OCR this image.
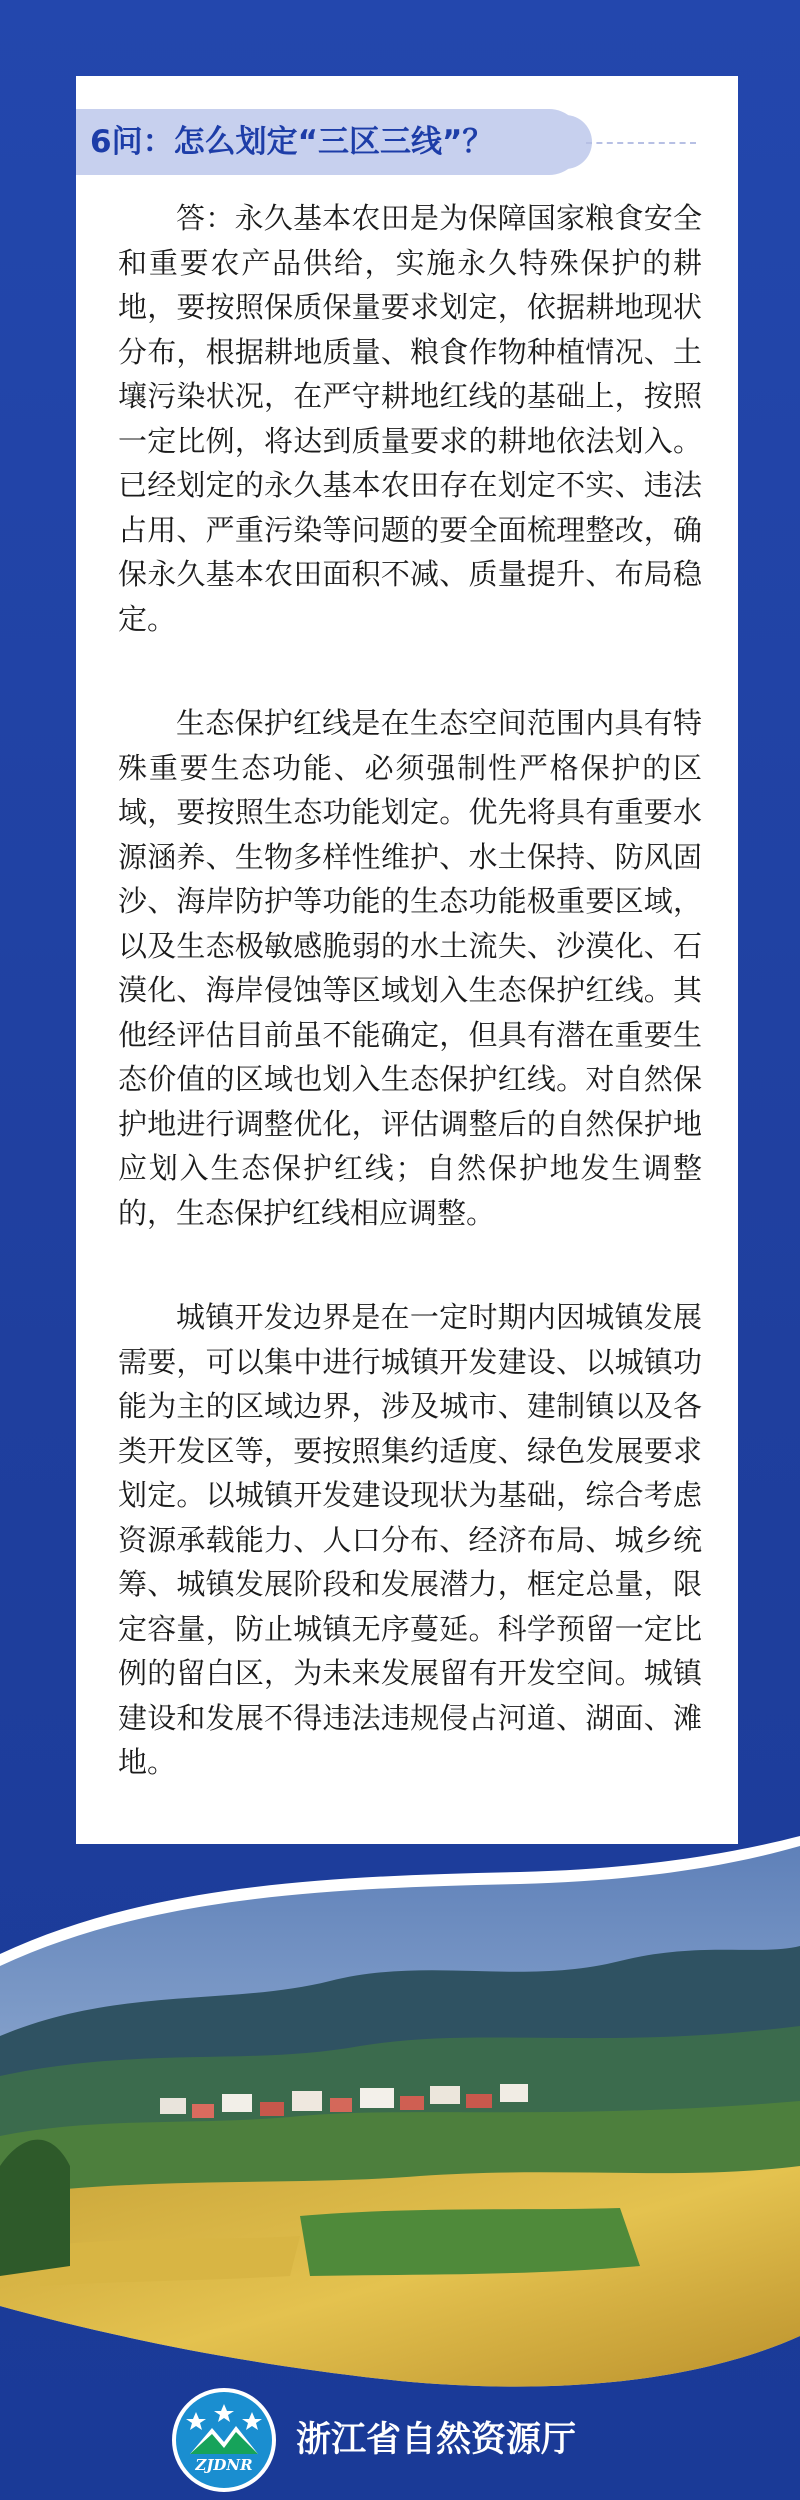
6问：怎么划定“三区三线”？

答：永久基本农田是为保障国家粮食安全和重要农产品供给，实施永久特殊保护的耕地，要按照保质保量要求划定，依据耕地现状分布，根据耕地质量、粮食作物种植情况、土壤污染状况，在严守耕地红线的基础上，按照一定比例，将达到质量要求的耕地依法划入。已经划定的永久基本农田存在划定不实、违法占用、严重污染等问题的要全面梳理整改，确保永久基本农田面积不减、质量提升、布局稳定。

生态保护红线是在生态空间范围内具有特殊重要生态功能、必须强制性严格保护的区域，要按照生态功能划定。优先将具有重要水源涵养、生物多样性维护、水土保持、防风固沙、海岸防护等功能的生态功能极重要区域，以及生态极敏感脆弱的水土流失、沙漠化、石漠化、海岸侵蚀等区域划入生态保护红线。其他经评估目前虽不能确定，但具有潜在重要生态价值的区域也划入生态保护红线。对自然保护地进行调整优化，评估调整后的自然保护地应划入生态保护红线；自然保护地发生调整的，生态保护红线相应调整。

城镇开发边界是在一定时期内因城镇发展需要，可以集中进行城镇开发建设、以城镇功能为主的区域边界，涉及城市、建制镇以及各类开发区等，要按照集约适度、绿色发展要求划定。以城镇开发建设现状为基础，综合考虑资源承载能力、人口分布、经济布局、城乡统筹、城镇发展阶段和发展潜力，框定总量，限定容量，防止城镇无序蔓延。科学预留一定比例的留白区，为未来发展留有开发空间。城镇建设和发展不得违法违规侵占河道、湖面、滩地。

ZJDNR
浙江省自然资源厅
